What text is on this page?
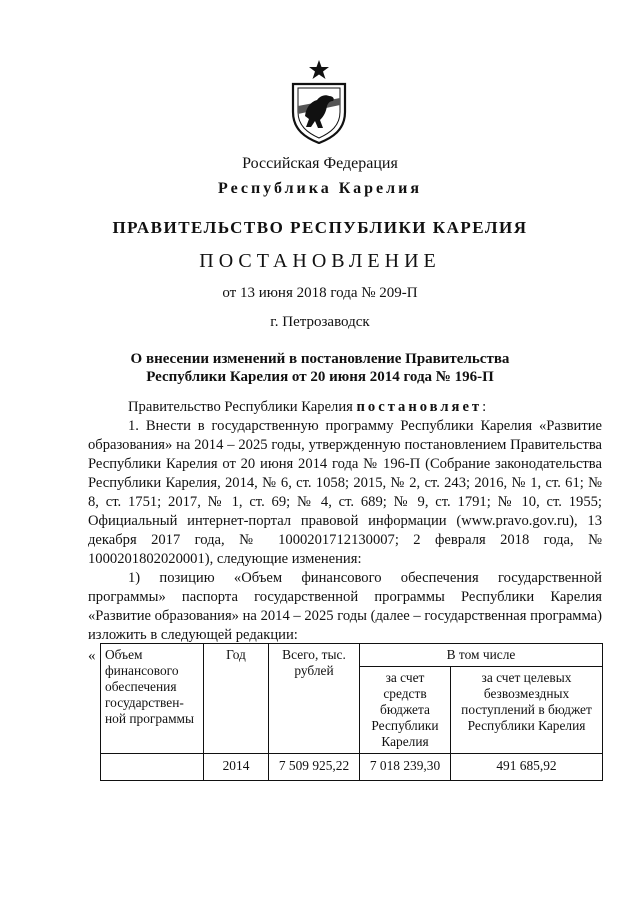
Российская Федерация
Республика Карелия
ПРАВИТЕЛЬСТВО РЕСПУБЛИКИ КАРЕЛИЯ
ПОСТАНОВЛЕНИЕ
от 13 июня 2018 года № 209-П
г. Петрозаводск
О внесении изменений в постановление Правительства
Республики Карелия от 20 июня 2014 года № 196-П

Правительство Республики Карелия постановляет:

1. Внести в государственную программу Республики Карелия «Развитие образования» на 2014 – 2025 годы, утвержденную постановлением Правительства Республики Карелия от 20 июня 2014 года № 196-П (Собрание законодательства Республики Карелия, 2014, № 6, ст. 1058; 2015, № 2, ст. 243; 2016, № 1, ст. 61; № 8, ст. 1751; 2017, № 1, ст. 69; № 4, ст. 689; № 9, ст. 1791; № 10, ст. 1955; Официальный интернет-портал правовой информации (www.pravo.gov.ru), 13 декабря 2017 года, № 1000201712130007; 2 февраля 2018 года, № 1000201802020001), следующие изменения:

1) позицию «Объем финансового обеспечения государственной программы» паспорта государственной программы Республики Карелия «Развитие образования» на 2014 – 2025 годы (далее – государственная программа) изложить в следующей редакции:

« Объем финансового обеспечения государствен-ной программы	Год	Всего, тыс. рублей	В том числе	
			за счет средств бюджета Республики Карелия	за счет целевых безвозмездных поступлений в бюджет Республики Карелия
	2014	7 509 925,22	7 018 239,30	491 685,92
